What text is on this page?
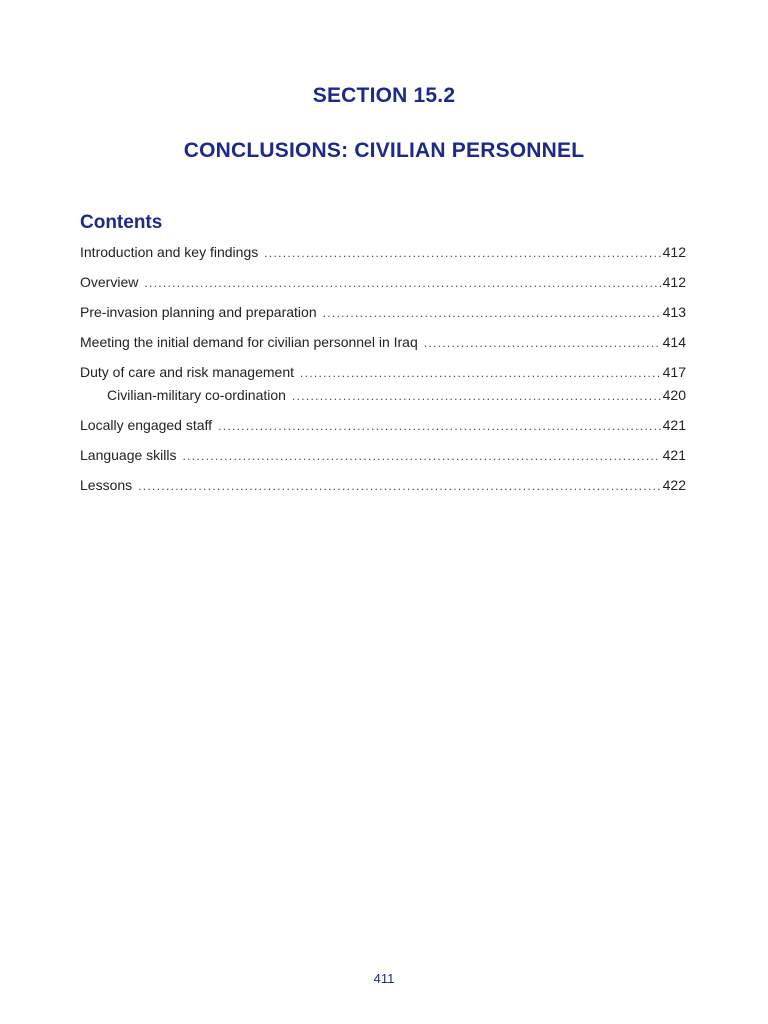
SECTION 15.2
CONCLUSIONS: CIVILIAN PERSONNEL
Contents
Introduction and key findings .....	412
Overview .....	412
Pre-invasion planning and preparation .....	413
Meeting the initial demand for civilian personnel in Iraq .....	414
Duty of care and risk management .....	417
Civilian-military co-ordination .....	420
Locally engaged staff .....	421
Language skills .....	421
Lessons .....	422
411
